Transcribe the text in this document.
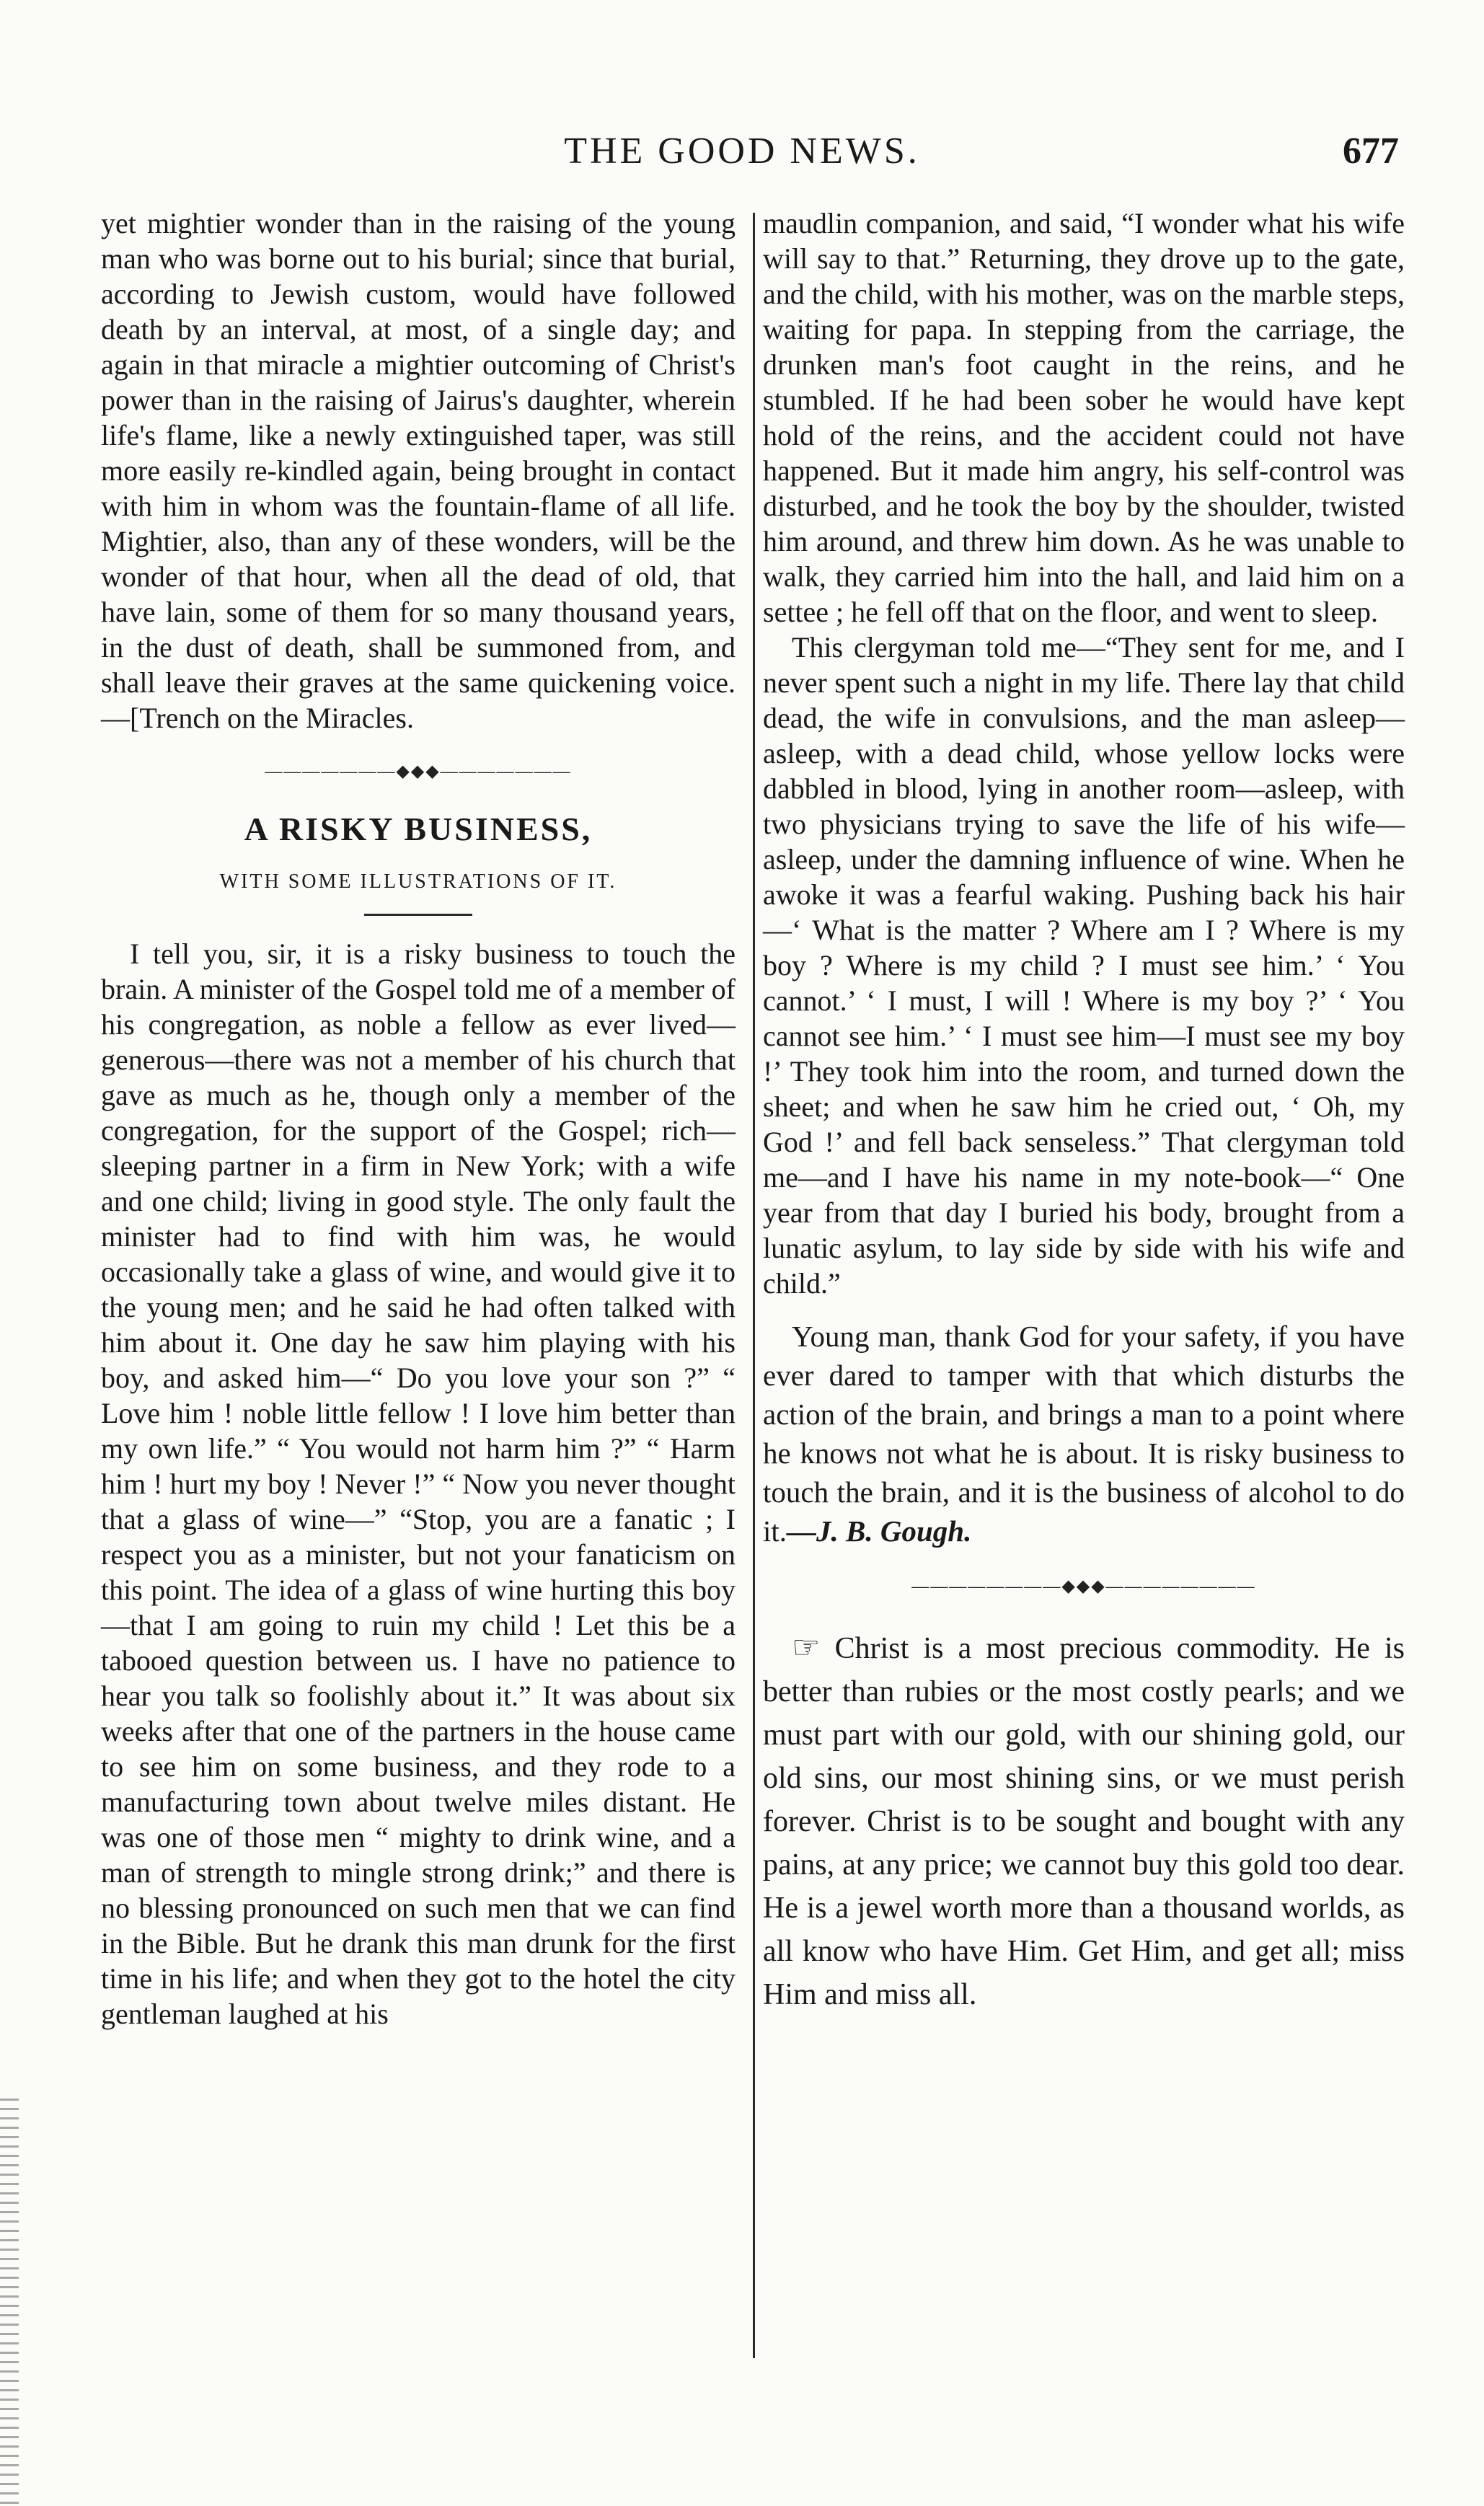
THE GOOD NEWS.	677

yet mightier wonder than in the raising of the young man who was borne out to his burial; since that burial, according to Jewish custom, would have followed death by an interval, at most, of a single day; and again in that miracle a mightier outcoming of Christ's power than in the raising of Jairus's daughter, wherein life's flame, like a newly extinguished taper, was still more easily re-kindled again, being brought in contact with him in whom was the fountain-flame of all life. Mightier, also, than any of these wonders, will be the wonder of that hour, when all the dead of old, that have lain, some of them for so many thousand years, in the dust of death, shall be summoned from, and shall leave their graves at the same quickening voice.—[Trench on the Miracles.

———————◆◆◆———————
A RISKY BUSINESS,
WITH SOME ILLUSTRATIONS OF IT.

I tell you, sir, it is a risky business to touch the brain. A minister of the Gospel told me of a member of his congregation, as noble a fellow as ever lived—generous—there was not a member of his church that gave as much as he, though only a member of the congregation, for the support of the Gospel; rich—sleeping partner in a firm in New York; with a wife and one child; living in good style. The only fault the minister had to find with him was, he would occasionally take a glass of wine, and would give it to the young men; and he said he had often talked with him about it. One day he saw him playing with his boy, and asked him—“ Do you love your son ?” “ Love him ! noble little fellow ! I love him better than my own life.” “ You would not harm him ?” “ Harm him ! hurt my boy ! Never !” “ Now you never thought that a glass of wine—” “Stop, you are a fanatic ; I respect you as a minister, but not your fanaticism on this point. The idea of a glass of wine hurting this boy—that I am going to ruin my child ! Let this be a tabooed question between us. I have no patience to hear you talk so foolishly about it.” It was about six weeks after that one of the partners in the house came to see him on some business, and they rode to a manufacturing town about twelve miles distant. He was one of those men “ mighty to drink wine, and a man of strength to mingle strong drink;” and there is no blessing pronounced on such men that we can find in the Bible. But he drank this man drunk for the first time in his life; and when they got to the hotel the city gentleman laughed at his

maudlin companion, and said, “I wonder what his wife will say to that.” Returning, they drove up to the gate, and the child, with his mother, was on the marble steps, waiting for papa. In stepping from the carriage, the drunken man's foot caught in the reins, and he stumbled. If he had been sober he would have kept hold of the reins, and the accident could not have happened. But it made him angry, his self-control was disturbed, and he took the boy by the shoulder, twisted him around, and threw him down. As he was unable to walk, they carried him into the hall, and laid him on a settee ; he fell off that on the floor, and went to sleep.

This clergyman told me—“They sent for me, and I never spent such a night in my life. There lay that child dead, the wife in convulsions, and the man asleep—asleep, with a dead child, whose yellow locks were dabbled in blood, lying in another room—asleep, with two physicians trying to save the life of his wife—asleep, under the damning influence of wine. When he awoke it was a fearful waking. Pushing back his hair—‘ What is the matter ? Where am I ? Where is my boy ? Where is my child ? I must see him.’ ‘ You cannot.’ ‘ I must, I will ! Where is my boy ?’ ‘ You cannot see him.’ ‘ I must see him—I must see my boy !’ They took him into the room, and turned down the sheet; and when he saw him he cried out, ‘ Oh, my God !’ and fell back senseless.” That clergyman told me—and I have his name in my note-book—“ One year from that day I buried his body, brought from a lunatic asylum, to lay side by side with his wife and child.”

Young man, thank God for your safety, if you have ever dared to tamper with that which disturbs the action of the brain, and brings a man to a point where he knows not what he is about. It is risky business to touch the brain, and it is the business of alcohol to do it.—J. B. Gough.

————————◆◆◆————————

☞ Christ is a most precious commodity. He is better than rubies or the most costly pearls; and we must part with our gold, with our shining gold, our old sins, our most shining sins, or we must perish forever. Christ is to be sought and bought with any pains, at any price; we cannot buy this gold too dear. He is a jewel worth more than a thousand worlds, as all know who have Him. Get Him, and get all; miss Him and miss all.
